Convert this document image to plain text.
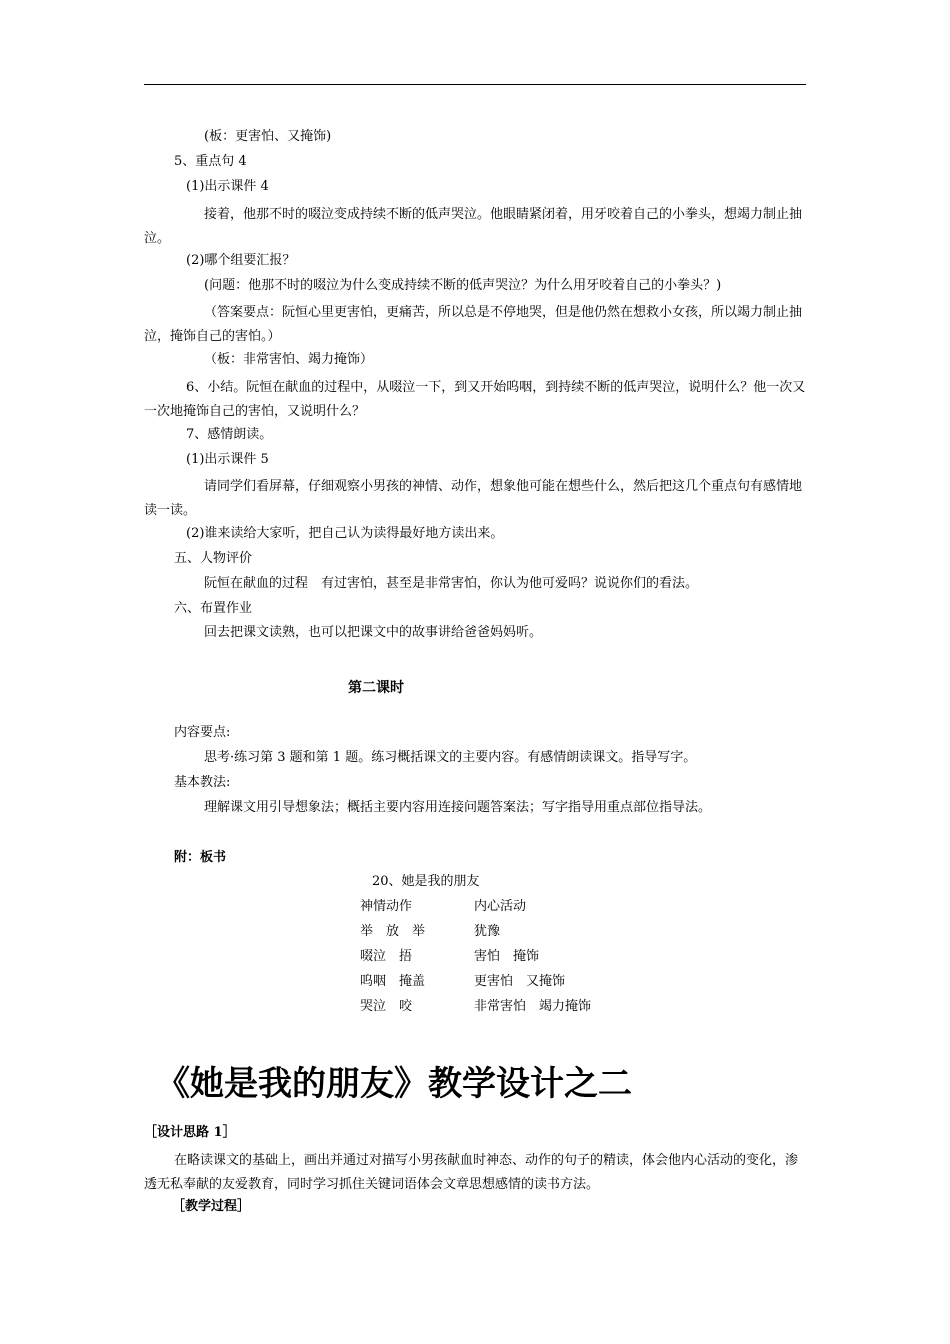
(板：更害怕、又掩饰)
5、重点句 4
(1)出示课件 4
接着，他那不时的啜泣变成持续不断的低声哭泣。他眼睛紧闭着，用牙咬着自己的小拳头，想竭力制止抽泣。
(2)哪个组要汇报？
(问题：他那不时的啜泣为什么变成持续不断的低声哭泣？为什么用牙咬着自己的小拳头？)
（答案要点：阮恒心里更害怕，更痛苦，所以总是不停地哭，但是他仍然在想救小女孩，所以竭力制止抽泣，掩饰自己的害怕。）
（板：非常害怕、竭力掩饰）
6、小结。阮恒在献血的过程中，从啜泣一下，到又开始呜咽，到持续不断的低声哭泣，说明什么？他一次又一次地掩饰自己的害怕，又说明什么？
7、感情朗读。
(1)出示课件 5
请同学们看屏幕，仔细观察小男孩的神情、动作，想象他可能在想些什么，然后把这几个重点句有感情地读一读。
(2)谁来读给大家听，把自己认为读得最好地方读出来。
五、人物评价
阮恒在献血的过程　有过害怕，甚至是非常害怕，你认为他可爱吗？说说你们的看法。
六、布置作业
回去把课文读熟，也可以把课文中的故事讲给爸爸妈妈听。
第二课时
内容要点:
思考·练习第 3 题和第 1 题。练习概括课文的主要内容。有感情朗读课文。指导写字。
基本教法:
理解课文用引导想象法；概括主要内容用连接问题答案法；写字指导用重点部位指导法。
附：板书
20、她是我的朋友
神情动作	内心活动
举　放　举	犹豫
啜泣　捂	害怕　掩饰
呜咽　掩盖	更害怕　又掩饰
哭泣　咬	非常害怕　竭力掩饰
《她是我的朋友》教学设计之二
［设计思路 1］
在略读课文的基础上，画出并通过对描写小男孩献血时神态、动作的句子的精读，体会他内心活动的变化，渗透无私奉献的友爱教育，同时学习抓住关键词语体会文章思想感情的读书方法。
［教学过程］
